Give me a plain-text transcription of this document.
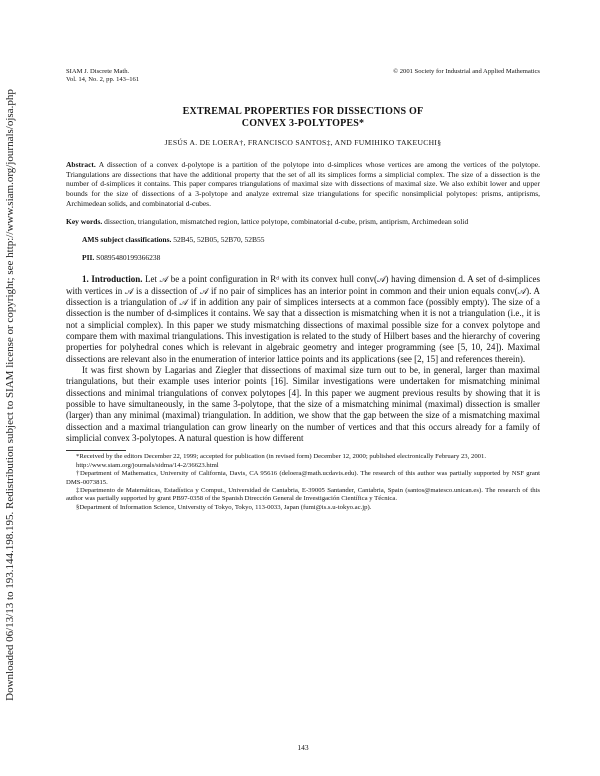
Downloaded 06/13/13 to 193.144.198.195. Redistribution subject to SIAM license or copyright; see http://www.siam.org/journals/ojsa.php
SIAM J. Discrete Math.
Vol. 14, No. 2, pp. 143–161
© 2001 Society for Industrial and Applied Mathematics
EXTREMAL PROPERTIES FOR DISSECTIONS OF
CONVEX 3-POLYTOPES*
JESÚS A. DE LOERA†, FRANCISCO SANTOS‡, AND FUMIHIKO TAKEUCHI§
Abstract. A dissection of a convex d-polytope is a partition of the polytope into d-simplices whose vertices are among the vertices of the polytope. Triangulations are dissections that have the additional property that the set of all its simplices forms a simplicial complex. The size of a dissection is the number of d-simplices it contains. This paper compares triangulations of maximal size with dissections of maximal size. We also exhibit lower and upper bounds for the size of dissections of a 3-polytope and analyze extremal size triangulations for specific nonsimplicial polytopes: prisms, antiprisms, Archimedean solids, and combinatorial d-cubes.
Key words. dissection, triangulation, mismatched region, lattice polytope, combinatorial d-cube, prism, antiprism, Archimedean solid
AMS subject classifications. 52B45, 52B05, 52B70, 52B55
PII. S0895480199366238

1. Introduction. Let 𝒜 be a point configuration in Rᵈ with its convex hull conv(𝒜) having dimension d. A set of d-simplices with vertices in 𝒜 is a dissection of 𝒜 if no pair of simplices has an interior point in common and their union equals conv(𝒜). A dissection is a triangulation of 𝒜 if in addition any pair of simplices intersects at a common face (possibly empty). The size of a dissection is the number of d-simplices it contains. We say that a dissection is mismatching when it is not a triangulation (i.e., it is not a simplicial complex). In this paper we study mismatching dissections of maximal possible size for a convex polytope and compare them with maximal triangulations. This investigation is related to the study of Hilbert bases and the hierarchy of covering properties for polyhedral cones which is relevant in algebraic geometry and integer programming (see [5, 10, 24]). Maximal dissections are relevant also in the enumeration of interior lattice points and its applications (see [2, 15] and references therein).

It was first shown by Lagarias and Ziegler that dissections of maximal size turn out to be, in general, larger than maximal triangulations, but their example uses interior points [16]. Similar investigations were undertaken for mismatching minimal dissections and minimal triangulations of convex polytopes [4]. In this paper we augment previous results by showing that it is possible to have simultaneously, in the same 3-polytope, that the size of a mismatching minimal (maximal) dissection is smaller (larger) than any minimal (maximal) triangulation. In addition, we show that the gap between the size of a mismatching maximal dissection and a maximal triangulation can grow linearly on the number of vertices and that this occurs already for a family of simplicial convex 3-polytopes. A natural question is how different

*Received by the editors December 22, 1999; accepted for publication (in revised form) December 12, 2000; published electronically February 23, 2001.

http://www.siam.org/journals/sidma/14-2/36623.html

†Department of Mathematics, University of California, Davis, CA 95616 (deloera@math.ucdavis.edu). The research of this author was partially supported by NSF grant DMS-0073815.

‡Departmento de Matemáticas, Estadística y Comput., Universidad de Cantabria, E-39005 Santander, Cantabria, Spain (santos@matesco.unican.es). The research of this author was partially supported by grant PB97-0358 of the Spanish Dirección General de Investigación Científica y Técnica.

§Department of Information Science, University of Tokyo, Tokyo, 113-0033, Japan (fumi@is.s.u-tokyo.ac.jp).

143
